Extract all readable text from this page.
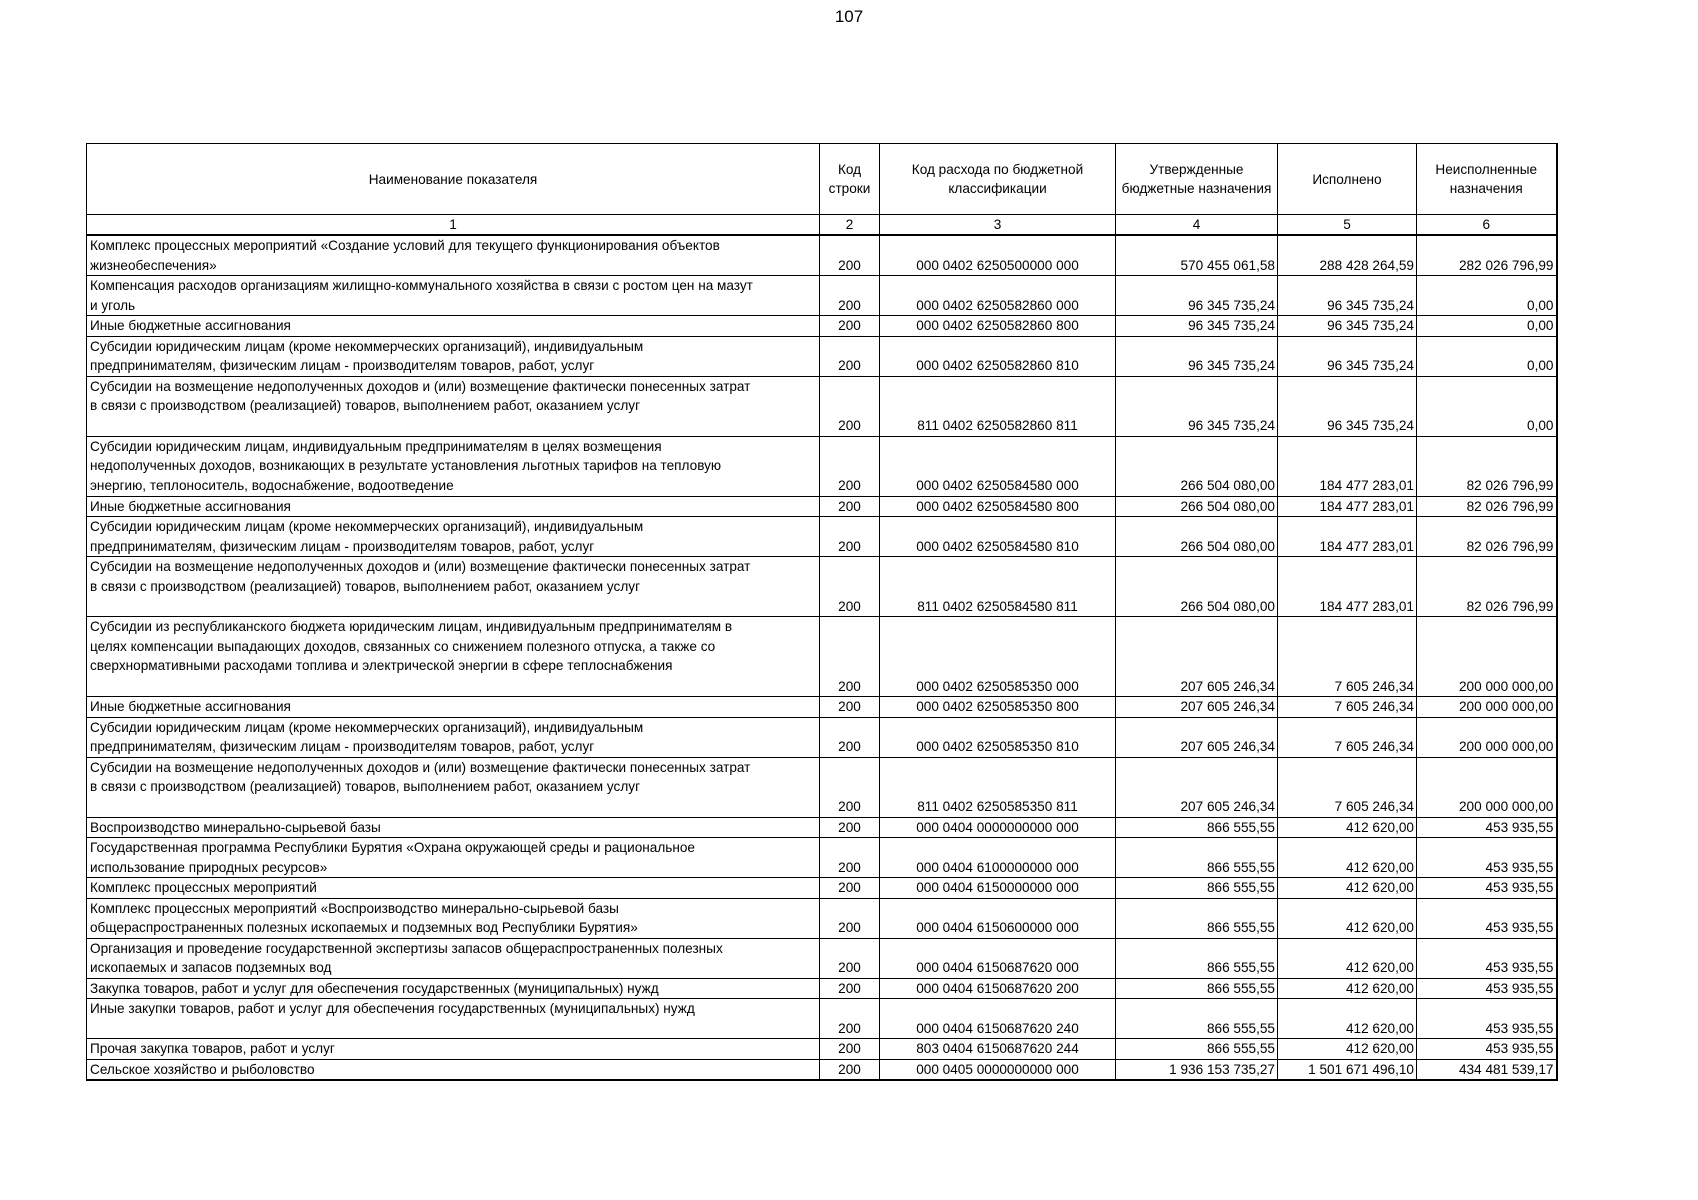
107
Наименование показателя	Код строки	Код расхода по бюджетной классификации	Утвержденные бюджетные назначения	Исполнено	Неисполненные назначения
1	2	3	4	5	6

Комплекс процессных мероприятий «Создание условий для текущего функционирования объектов
жизнеобеспечения»	200	000 0402 6250500000 000	570 455 061,58	288 428 264,59	282 026 796,99

Компенсация расходов организациям жилищно-коммунального хозяйства в связи с ростом цен на мазут
и уголь	200	000 0402 6250582860 000	96 345 735,24	96 345 735,24	0,00

Иные бюджетные ассигнования	200	000 0402 6250582860 800	96 345 735,24	96 345 735,24	0,00

Субсидии юридическим лицам (кроме некоммерческих организаций), индивидуальным
предпринимателям, физическим лицам - производителям товаров, работ, услуг	200	000 0402 6250582860 810	96 345 735,24	96 345 735,24	0,00

Субсидии на возмещение недополученных доходов и (или) возмещение фактически понесенных затрат
в связи с производством (реализацией) товаров, выполнением работ, оказанием услуг	200	811 0402 6250582860 811	96 345 735,24	96 345 735,24	0,00

Субсидии юридическим лицам, индивидуальным предпринимателям в целях возмещения
недополученных доходов, возникающих в результате установления льготных тарифов на тепловую
энергию, теплоноситель, водоснабжение, водоотведение	200	000 0402 6250584580 000	266 504 080,00	184 477 283,01	82 026 796,99

Иные бюджетные ассигнования	200	000 0402 6250584580 800	266 504 080,00	184 477 283,01	82 026 796,99

Субсидии юридическим лицам (кроме некоммерческих организаций), индивидуальным
предпринимателям, физическим лицам - производителям товаров, работ, услуг	200	000 0402 6250584580 810	266 504 080,00	184 477 283,01	82 026 796,99

Субсидии на возмещение недополученных доходов и (или) возмещение фактически понесенных затрат
в связи с производством (реализацией) товаров, выполнением работ, оказанием услуг	200	811 0402 6250584580 811	266 504 080,00	184 477 283,01	82 026 796,99

Субсидии из республиканского бюджета юридическим лицам, индивидуальным предпринимателям в
целях компенсации выпадающих доходов, связанных со снижением полезного отпуска, а также со
сверхнормативными расходами топлива и электрической энергии в сфере теплоснабжения	200	000 0402 6250585350 000	207 605 246,34	7 605 246,34	200 000 000,00

Иные бюджетные ассигнования	200	000 0402 6250585350 800	207 605 246,34	7 605 246,34	200 000 000,00

Субсидии юридическим лицам (кроме некоммерческих организаций), индивидуальным
предпринимателям, физическим лицам - производителям товаров, работ, услуг	200	000 0402 6250585350 810	207 605 246,34	7 605 246,34	200 000 000,00

Субсидии на возмещение недополученных доходов и (или) возмещение фактически понесенных затрат
в связи с производством (реализацией) товаров, выполнением работ, оказанием услуг	200	811 0402 6250585350 811	207 605 246,34	7 605 246,34	200 000 000,00

Воспроизводство минерально-сырьевой базы	200	000 0404 0000000000 000	866 555,55	412 620,00	453 935,55

Государственная программа Республики Бурятия «Охрана окружающей среды и рациональное
использование природных ресурсов»	200	000 0404 6100000000 000	866 555,55	412 620,00	453 935,55

Комплекс процессных мероприятий	200	000 0404 6150000000 000	866 555,55	412 620,00	453 935,55

Комплекс процессных мероприятий «Воспроизводство минерально-сырьевой базы
общераспространенных полезных ископаемых и подземных вод Республики Бурятия»	200	000 0404 6150600000 000	866 555,55	412 620,00	453 935,55

Организация и проведение государственной экспертизы запасов общераспространенных полезных
ископаемых и запасов подземных вод	200	000 0404 6150687620 000	866 555,55	412 620,00	453 935,55

Закупка товаров, работ и услуг для обеспечения государственных (муниципальных) нужд	200	000 0404 6150687620 200	866 555,55	412 620,00	453 935,55

Иные закупки товаров, работ и услуг для обеспечения государственных (муниципальных) нужд	200	000 0404 6150687620 240	866 555,55	412 620,00	453 935,55

Прочая закупка товаров, работ и услуг	200	803 0404 6150687620 244	866 555,55	412 620,00	453 935,55

Сельское хозяйство и рыболовство	200	000 0405 0000000000 000	1 936 153 735,27	1 501 671 496,10	434 481 539,17
